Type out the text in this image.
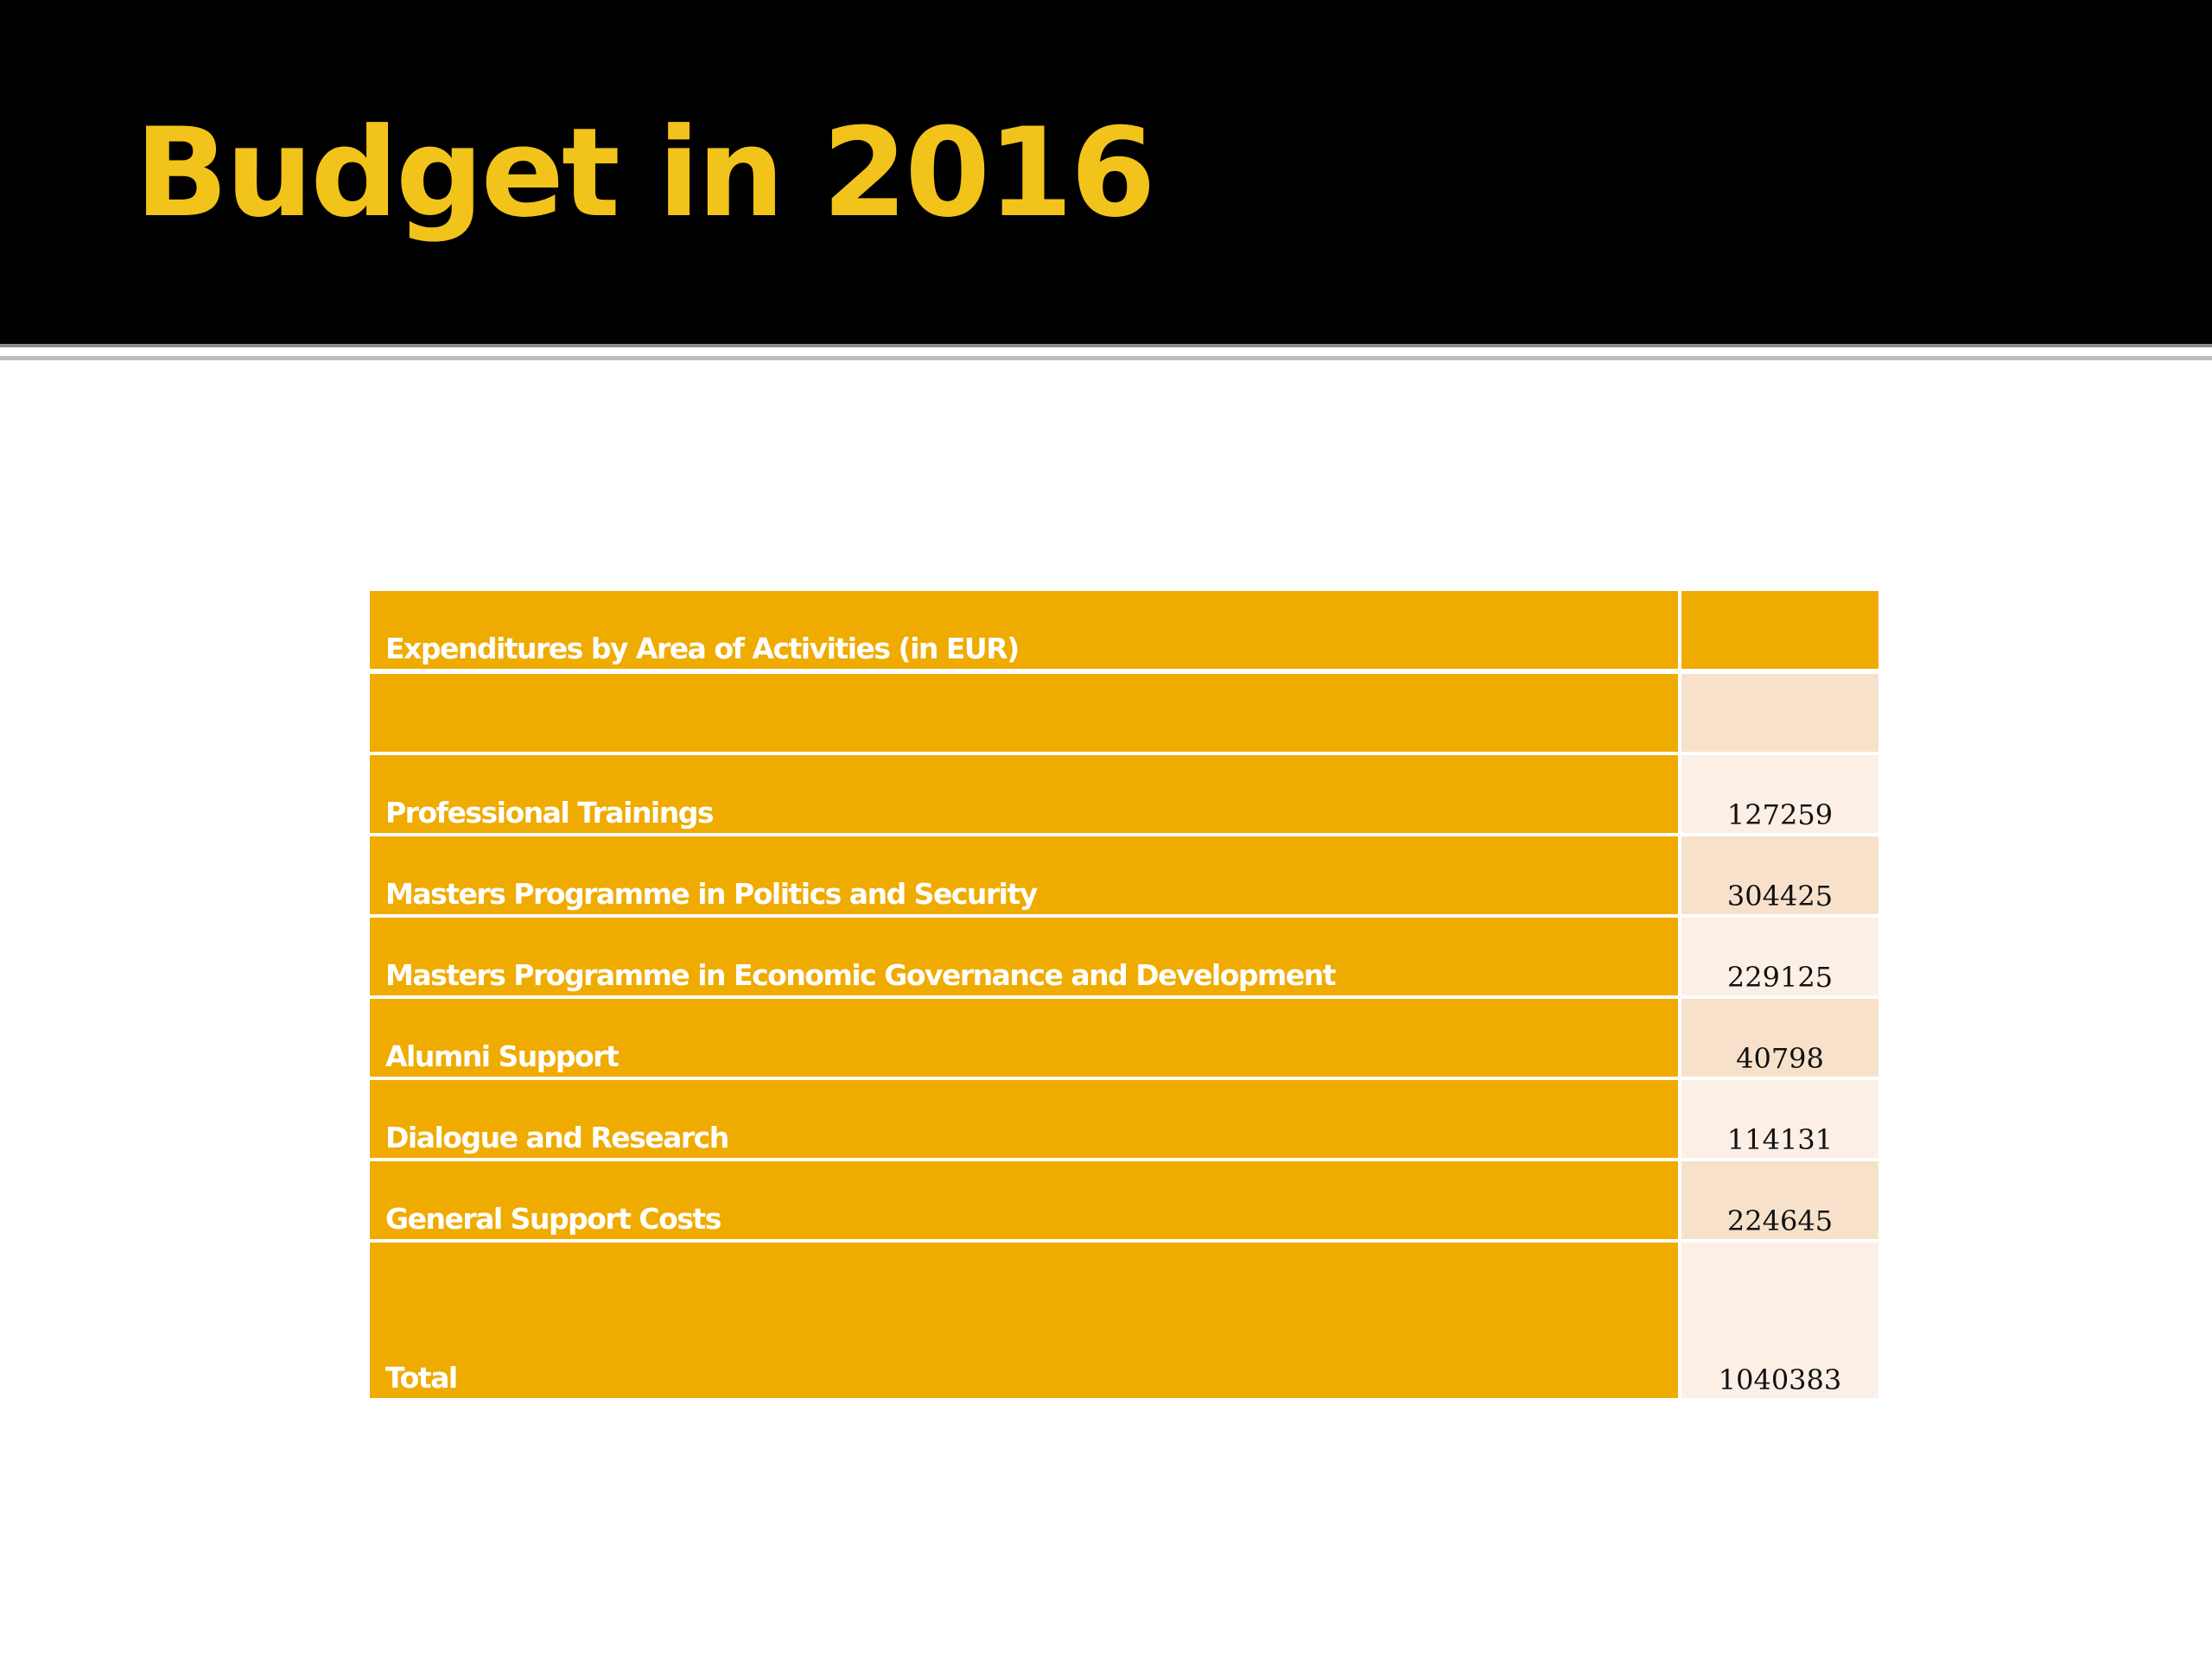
Budget in 2016
Expenditures by Area of Activities (in EUR)	

Professional Trainings	127259
Masters Programme in Politics and Security	304425
Masters Programme in Economic Governance and Development	229125
Alumni Support	40798
Dialogue and Research	114131
General Support Costs	224645
Total	1040383
